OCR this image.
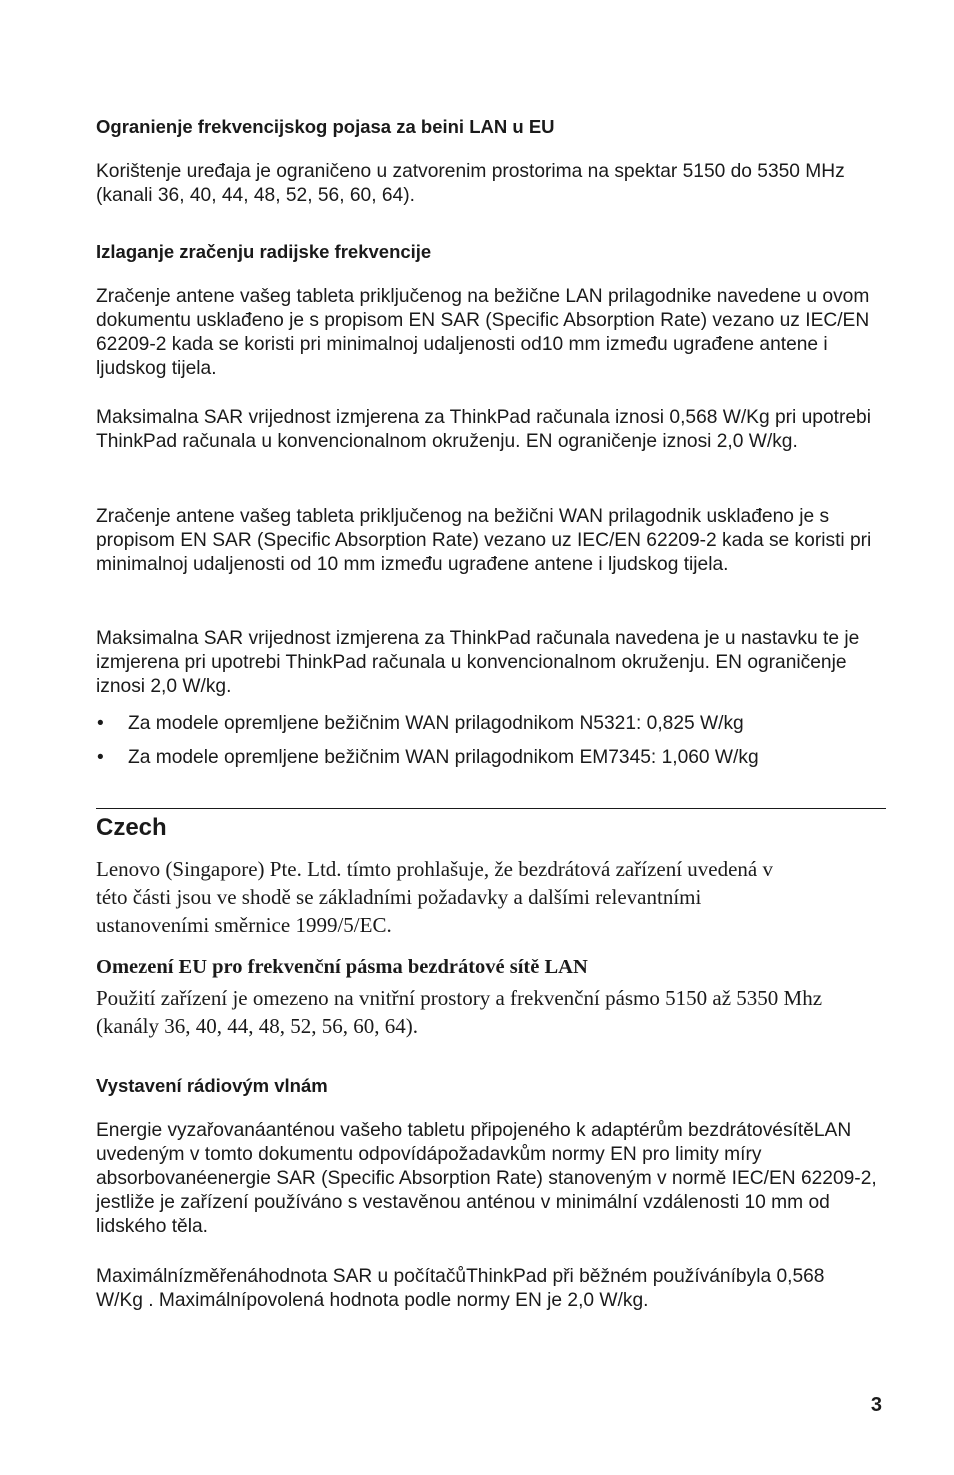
Ogranienje frekvencijskog pojasa za beini LAN u EU

Korištenje uređaja je ograničeno u zatvorenim prostorima na spektar 5150 do 5350 MHz (kanali 36, 40, 44, 48, 52, 56, 60, 64).

Izlaganje zračenju radijske frekvencije

Zračenje antene vašeg tableta priključenog na bežične LAN prilagodnike navedene u ovom dokumentu usklađeno je s propisom EN SAR (Specific Absorption Rate) vezano uz IEC/EN 62209-2 kada se koristi pri minimalnoj udaljenosti od10 mm između ugrađene antene i ljudskog tijela.

Maksimalna SAR vrijednost izmjerena za ThinkPad računala iznosi 0,568 W/Kg pri upotrebi ThinkPad računala u konvencionalnom okruženju. EN ograničenje iznosi 2,0 W/kg.

Zračenje antene vašeg tableta priključenog na bežični WAN prilagodnik usklađeno je s propisom EN SAR (Specific Absorption Rate) vezano uz IEC/EN 62209-2 kada se koristi pri minimalnoj udaljenosti od 10 mm između ugrađene antene i ljudskog tijela.

Maksimalna SAR vrijednost izmjerena za ThinkPad računala navedena je u nastavku te je izmjerena pri upotrebi ThinkPad računala u konvencionalnom okruženju. EN ograničenje iznosi 2,0 W/kg.

• Za modele opremljene bežičnim WAN prilagodnikom N5321: 0,825 W/kg
• Za modele opremljene bežičnim WAN prilagodnikom EM7345: 1,060 W/kg
Czech

Lenovo (Singapore) Pte. Ltd. tímto prohlašuje, že bezdrátová zařízení uvedená v této části jsou ve shodě se základními požadavky a dalšími relevantními ustanoveními směrnice 1999/5/EC.

Omezení EU pro frekvenční pásma bezdrátové sítě LAN

Použití zařízení je omezeno na vnitřní prostory a frekvenční pásmo 5150 až 5350 Mhz (kanály 36, 40, 44, 48, 52, 56, 60, 64).

Vystavení rádiovým vlnám

Energie vyzařovanáanténou vašeho tabletu připojeného k adaptérům bezdrátovésítěLAN uvedeným v tomto dokumentu odpovídápožadavkům normy EN pro limity míry absorbovanéenergie SAR (Specific Absorption Rate) stanoveným v normě IEC/EN 62209-2, jestliže je zařízení používáno s vestavěnou anténou v minimální vzdálenosti 10 mm od lidského těla.

Maximálnízměřenáhodnota SAR u počítačůThinkPad při běžném používáníbyla 0,568 W/Kg . Maximálnípovolená hodnota podle normy EN je 2,0 W/kg.

3
